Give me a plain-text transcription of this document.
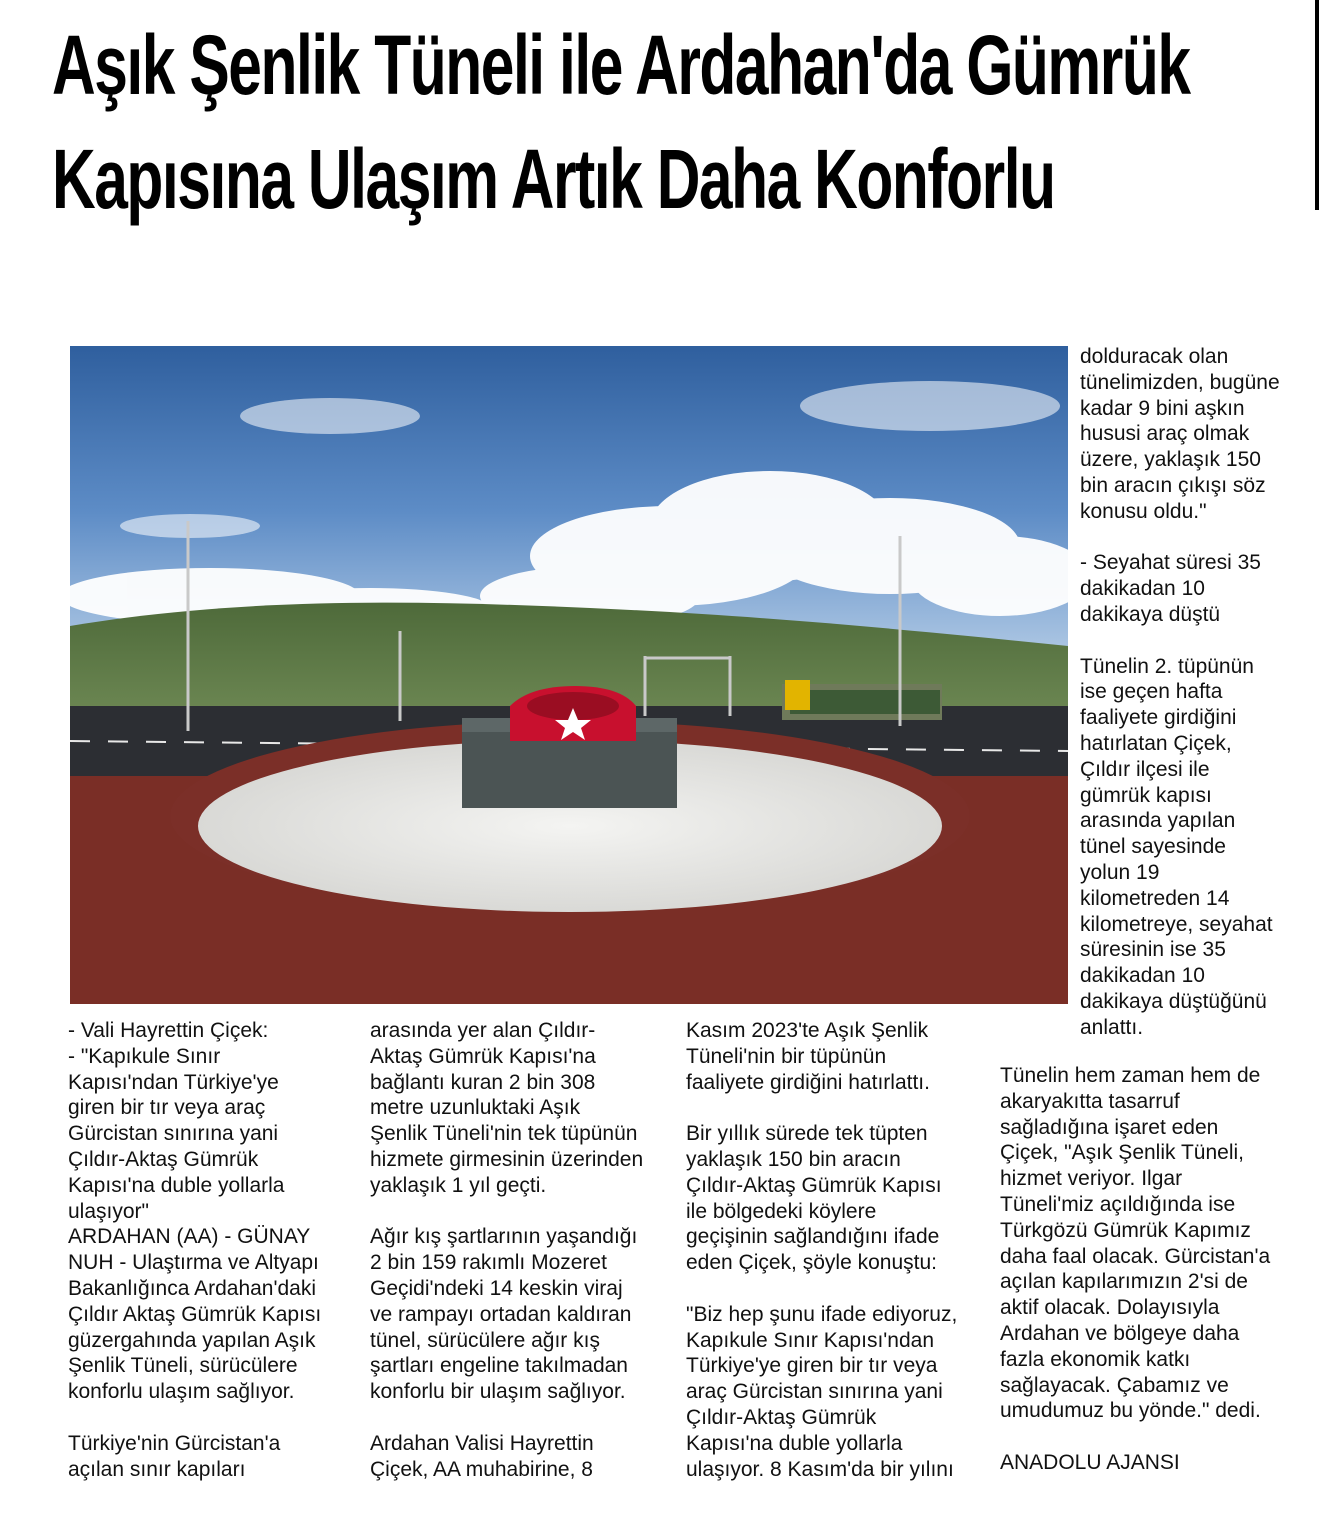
Aşık Şenlik Tüneli ile Ardahan'da Gümrük
Kapısına Ulaşım Artık Daha Konforlu

dolduracak olan
tünelimizden, bugüne
kadar 9 bini aşkın
hususi araç olmak
üzere, yaklaşık 150
bin aracın çıkışı söz
konusu oldu."

- Seyahat süresi 35
dakikadan 10
dakikaya düştü

Tünelin 2. tüpünün
ise geçen hafta
faaliyete girdiğini
hatırlatan Çiçek,
Çıldır ilçesi ile
gümrük kapısı
arasında yapılan
tünel sayesinde
yolun 19
kilometreden 14
kilometreye, seyahat
süresinin ise 35
dakikadan 10
dakikaya düştüğünü
anlattı.

- Vali Hayrettin Çiçek:
- "Kapıkule Sınır
Kapısı'ndan Türkiye'ye
giren bir tır veya araç
Gürcistan sınırına yani
Çıldır-Aktaş Gümrük
Kapısı'na duble yollarla
ulaşıyor"
ARDAHAN (AA) - GÜNAY
NUH - Ulaştırma ve Altyapı
Bakanlığınca Ardahan'daki
Çıldır Aktaş Gümrük Kapısı
güzergahında yapılan Aşık
Şenlik Tüneli, sürücülere
konforlu ulaşım sağlıyor.

Türkiye'nin Gürcistan'a
açılan sınır kapıları

arasında yer alan Çıldır-
Aktaş Gümrük Kapısı'na
bağlantı kuran 2 bin 308
metre uzunluktaki Aşık
Şenlik Tüneli'nin tek tüpünün
hizmete girmesinin üzerinden
yaklaşık 1 yıl geçti.

Ağır kış şartlarının yaşandığı
2 bin 159 rakımlı Mozeret
Geçidi'ndeki 14 keskin viraj
ve rampayı ortadan kaldıran
tünel, sürücülere ağır kış
şartları engeline takılmadan
konforlu bir ulaşım sağlıyor.

Ardahan Valisi Hayrettin
Çiçek, AA muhabirine, 8

Kasım 2023'te Aşık Şenlik
Tüneli'nin bir tüpünün
faaliyete girdiğini hatırlattı.

Bir yıllık sürede tek tüpten
yaklaşık 150 bin aracın
Çıldır-Aktaş Gümrük Kapısı
ile bölgedeki köylere
geçişinin sağlandığını ifade
eden Çiçek, şöyle konuştu:

"Biz hep şunu ifade ediyoruz,
Kapıkule Sınır Kapısı'ndan
Türkiye'ye giren bir tır veya
araç Gürcistan sınırına yani
Çıldır-Aktaş Gümrük
Kapısı'na duble yollarla
ulaşıyor. 8 Kasım'da bir yılını

Tünelin hem zaman hem de
akaryakıtta tasarruf
sağladığına işaret eden
Çiçek, "Aşık Şenlik Tüneli,
hizmet veriyor. Ilgar
Tüneli'miz açıldığında ise
Türkgözü Gümrük Kapımız
daha faal olacak. Gürcistan'a
açılan kapılarımızın 2'si de
aktif olacak. Dolayısıyla
Ardahan ve bölgeye daha
fazla ekonomik katkı
sağlayacak. Çabamız ve
umudumuz bu yönde." dedi.

ANADOLU AJANSI
